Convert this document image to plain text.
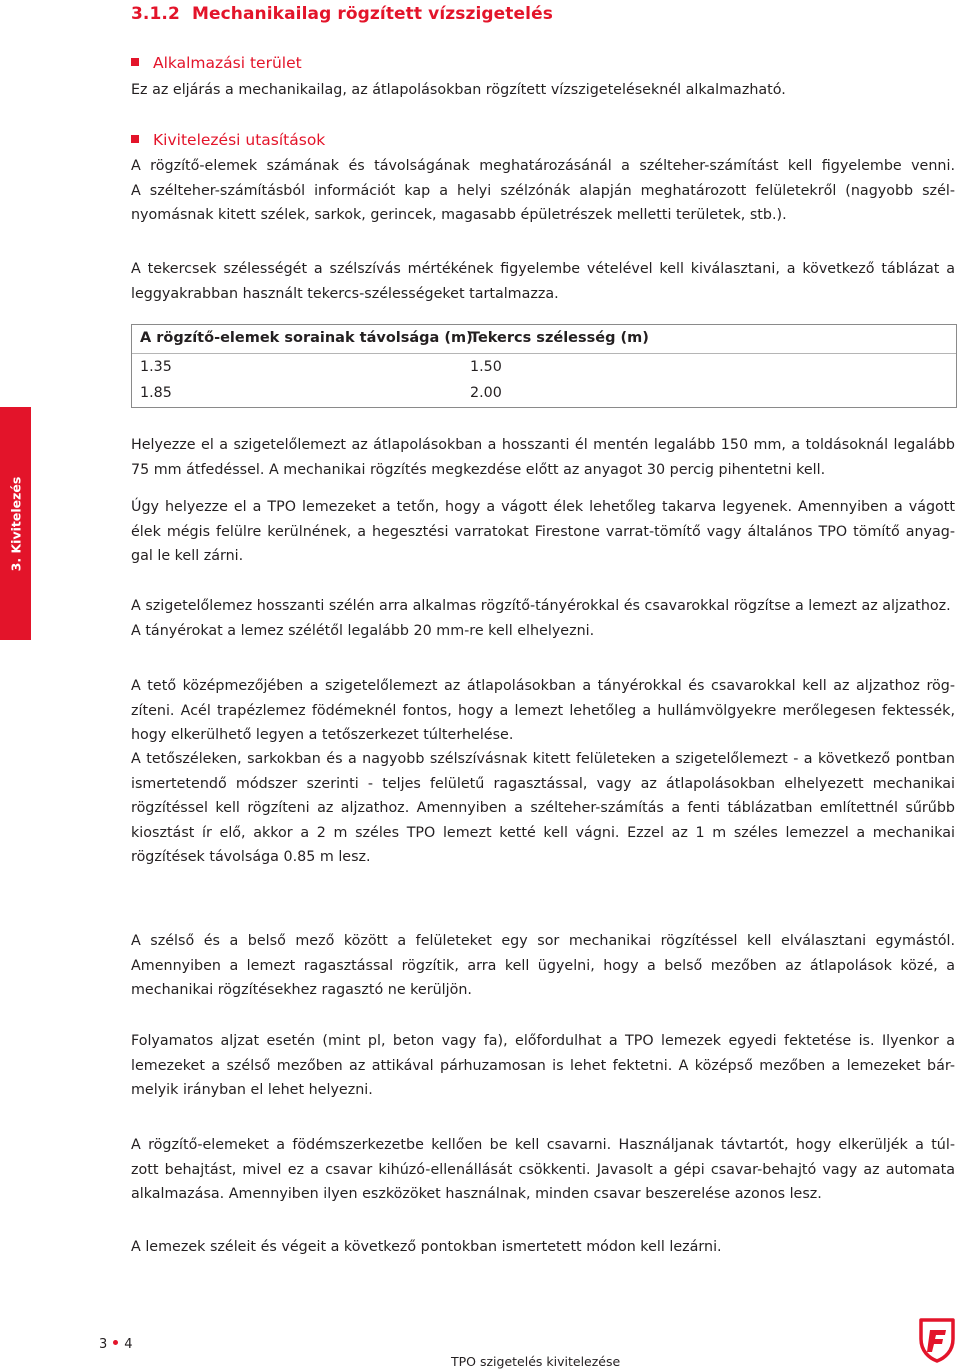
3.1.2 Mechanikailag rögzített vízszigetelés
Alkalmazási terület
Ez az eljárás a mechanikailag, az átlapolásokban rögzített vízszigeteléseknél alkalmazható.
Kivitelezési utasítások
A rögzítő-elemek számának és távolságának meghatározásánál a szélteher-számítást kell figyelembe venni.
A szélteher-számításból információt kap a helyi szélzónák alapján meghatározott felületekről (nagyobb szél-
nyomásnak kitett szélek, sarkok, gerincek, magasabb épületrészek melletti területek, stb.).
A tekercsek szélességét a szélszívás mértékének figyelembe vételével kell kiválasztani, a következő táblázat a
leggyakrabban használt tekercs-szélességeket tartalmazza.
A rögzítő-elemek sorainak távolsága (m)
Tekercs szélesség (m)
1.35	1.50
1.85	2.00
3. Kivitelezés
Helyezze el a szigetelőlemezt az átlapolásokban a hosszanti él mentén legalább 150 mm, a toldásoknál legalább
75 mm átfedéssel. A mechanikai rögzítés megkezdése előtt az anyagot 30 percig pihentetni kell.
Úgy helyezze el a TPO lemezeket a tetőn, hogy a vágott élek lehetőleg takarva legyenek. Amennyiben a vágott
élek mégis felülre kerülnének, a hegesztési varratokat Firestone varrat-tömítő vagy általános TPO tömítő anyag-
gal le kell zárni.
A szigetelőlemez hosszanti szélén arra alkalmas rögzítő-tányérokkal és csavarokkal rögzítse a lemezt az aljzathoz.
A tányérokat a lemez szélétől legalább 20 mm-re kell elhelyezni.
A tető középmezőjében a szigetelőlemezt az átlapolásokban a tányérokkal és csavarokkal kell az aljzathoz rög-
zíteni. Acél trapézlemez födémeknél fontos, hogy a lemezt lehetőleg a hullámvölgyekre merőlegesen fektessék,
hogy elkerülhető legyen a tetőszerkezet túlterhelése.
A tetőszéleken, sarkokban és a nagyobb szélszívásnak kitett felületeken a szigetelőlemezt - a következő pontban
ismertetendő módszer szerinti - teljes felületű ragasztással, vagy az átlapolásokban elhelyezett mechanikai
rögzítéssel kell rögzíteni az aljzathoz. Amennyiben a szélteher-számítás a fenti táblázatban említettnél sűrűbb
kiosztást ír elő, akkor a 2 m széles TPO lemezt ketté kell vágni. Ezzel az 1 m széles lemezzel a mechanikai
rögzítések távolsága 0.85 m lesz.
A szélső és a belső mező között a felületeket egy sor mechanikai rögzítéssel kell elválasztani egymástól.
Amennyiben a lemezt ragasztással rögzítik, arra kell ügyelni, hogy a belső mezőben az átlapolások közé, a
mechanikai rögzítésekhez ragasztó ne kerüljön.
Folyamatos aljzat esetén (mint pl, beton vagy fa), előfordulhat a TPO lemezek egyedi fektetése is. Ilyenkor a
lemezeket a szélső mezőben az attikával párhuzamosan is lehet fektetni. A középső mezőben a lemezeket bár-
melyik irányban el lehet helyezni.
A rögzítő-elemeket a födémszerkezetbe kellően be kell csavarni. Használjanak távtartót, hogy elkerüljék a túl-
zott behajtást, mivel ez a csavar kihúzó-ellenállását csökkenti. Javasolt a gépi csavar-behajtó vagy az automata
alkalmazása. Amennyiben ilyen eszközöket használnak, minden csavar beszerelése azonos lesz.
A lemezek széleit és végeit a következő pontokban ismertetett módon kell lezárni.
3 4
TPO szigetelés kivitelezése
